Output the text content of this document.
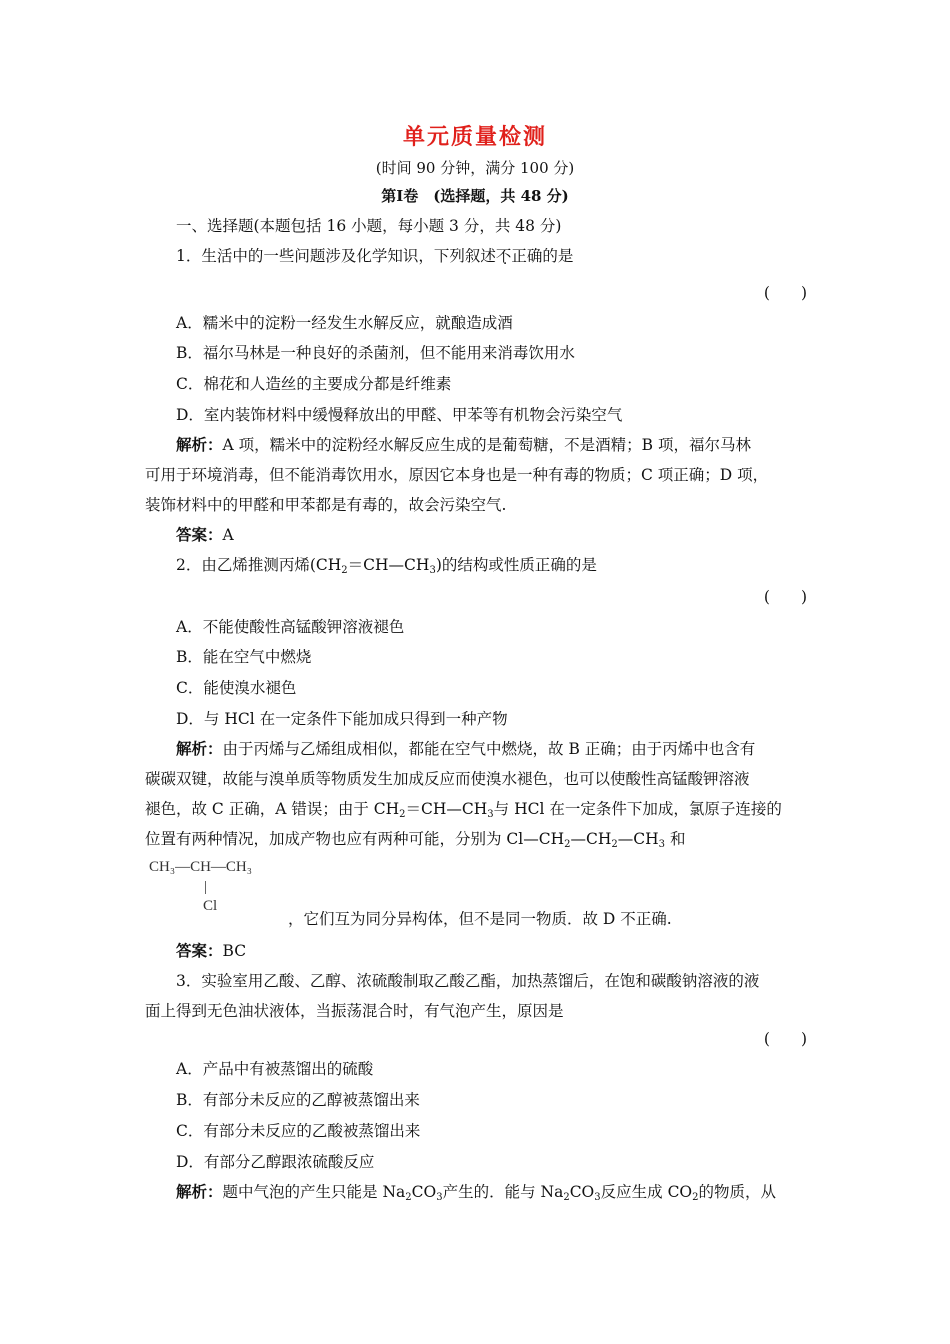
单元质量检测
(时间 90 分钟，满分 100 分)
第Ⅰ卷　 (选择题，共 48 分)
一、选择题(本题包括 16 小题，每小题 3 分，共 48 分)
1．生活中的一些问题涉及化学知识，下列叙述不正确的是
(　　)
A．糯米中的淀粉一经发生水解反应，就酿造成酒
B．福尔马林是一种良好的杀菌剂，但不能用来消毒饮用水
C．棉花和人造丝的主要成分都是纤维素
D．室内装饰材料中缓慢释放出的甲醛、甲苯等有机物会污染空气
解析：A 项，糯米中的淀粉经水解反应生成的是葡萄糖，不是酒精；B 项，福尔马林
可用于环境消毒，但不能消毒饮用水，原因它本身也是一种有毒的物质；C 项正确；D 项，
装饰材料中的甲醛和甲苯都是有毒的，故会污染空气.
答案：A
2．由乙烯推测丙烯$(CH_2=CH—CH_3)$的结构或性质正确的是
(　　)
A．不能使酸性高锰酸钾溶液褪色
B．能在空气中燃烧
C．能使溴水褪色
D．与 HCl 在一定条件下能加成只得到一种产物
解析：由于丙烯与乙烯组成相似，都能在空气中燃烧，故 B 正确；由于丙烯中也含有
碳碳双键，故能与溴单质等物质发生加成反应而使溴水褪色，也可以使酸性高锰酸钾溶液
褪色，故 C 正确，A 错误；由于 $CH_2=CH—CH_3$与 HCl 在一定条件下加成，氯原子连接的
位置有两种情况，加成产物也应有两种可能，分别为 $Cl—CH_2—CH_2—CH_3$ 和
CH₃—CH—CH₃
|
Cl
，它们互为同分异构体，但不是同一物质．故 D 不正确.
答案：BC
3．实验室用乙酸、乙醇、浓硫酸制取乙酸乙酯，加热蒸馏后，在饱和碳酸钠溶液的液
面上得到无色油状液体，当振荡混合时，有气泡产生，原因是
(　　)
A．产品中有被蒸馏出的硫酸
B．有部分未反应的乙醇被蒸馏出来
C．有部分未反应的乙酸被蒸馏出来
D．有部分乙醇跟浓硫酸反应
解析：题中气泡的产生只能是 $Na_2CO_3$产生的．能与 $Na_2CO_3$反应生成 $CO_2$的物质，从
